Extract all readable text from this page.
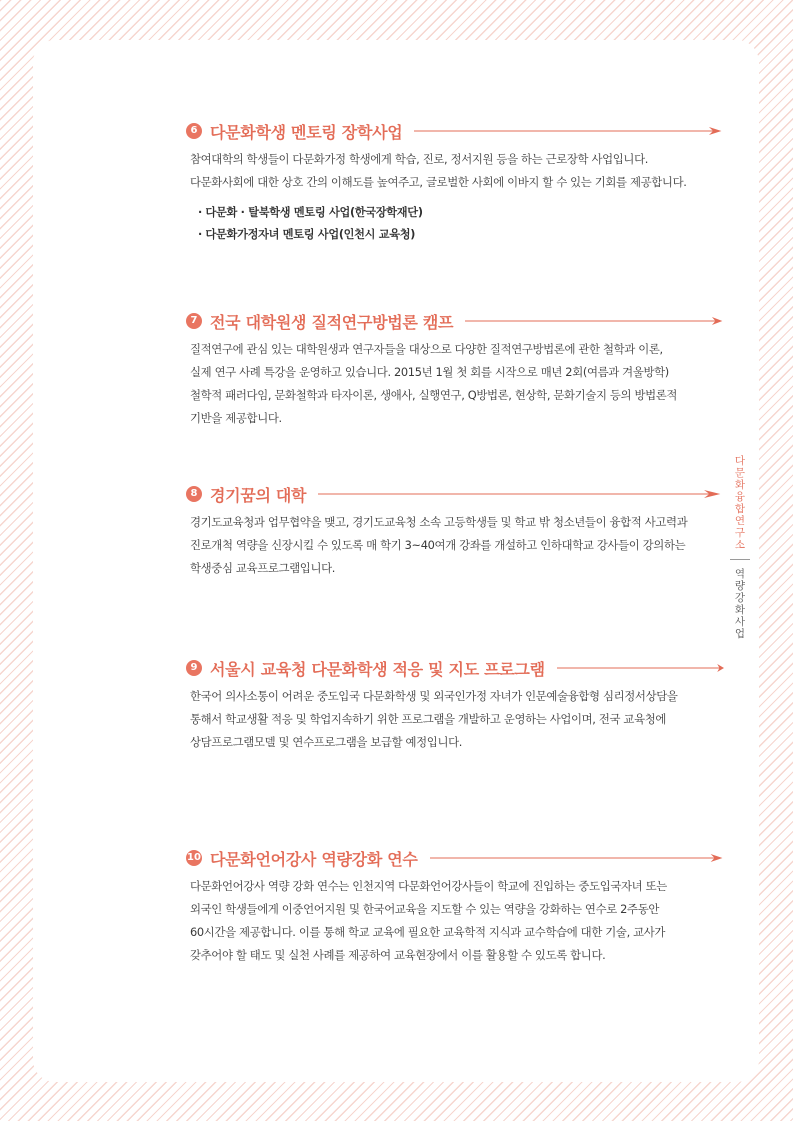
6 다문화학생 멘토링 장학사업

참여대학의 학생들이 다문화가정 학생에게 학습, 진로, 정서지원 등을 하는 근로장학 사업입니다.

다문화사회에 대한 상호 간의 이해도를 높여주고, 글로벌한 사회에 이바지 할 수 있는 기회를 제공합니다.

· 다문화 · 탈북학생 멘토링 사업(한국장학재단)
· 다문화가정자녀 멘토링 사업(인천시 교육청)
7 전국 대학원생 질적연구방법론 캠프

질적연구에 관심 있는 대학원생과 연구자들을 대상으로 다양한 질적연구방법론에 관한 철학과 이론,

실제 연구 사례 특강을 운영하고 있습니다. 2015년 1월 첫 회를 시작으로 매년 2회(여름과 겨울방학)

철학적 패러다임, 문화철학과 타자이론, 생애사, 실행연구, Q방법론, 현상학, 문화기술지 등의 방법론적

기반을 제공합니다.

8 경기꿈의 대학

경기도교육청과 업무협약을 맺고, 경기도교육청 소속 고등학생들 및 학교 밖 청소년들이 융합적 사고력과

진로개척 역량을 신장시킬 수 있도록 매 학기 3~40여개 강좌를 개설하고 인하대학교 강사들이 강의하는

학생중심 교육프로그램입니다.

9 서울시 교육청 다문화학생 적응 및 지도 프로그램

한국어 의사소통이 어려운 중도입국 다문화학생 및 외국인가정 자녀가 인문예술융합형 심리정서상담을

통해서 학교생활 적응 및 학업지속하기 위한 프로그램을 개발하고 운영하는 사업이며, 전국 교육청에

상담프로그램모델 및 연수프로그램을 보급할 예정입니다.

10 다문화언어강사 역량강화 연수

다문화언어강사 역량 강화 연수는 인천지역 다문화언어강사들이 학교에 진입하는 중도입국자녀 또는

외국인 학생들에게 이중언어지원 및 한국어교육을 지도할 수 있는 역량을 강화하는 연수로 2주동안

60시간을 제공합니다. 이를 통해 학교 교육에 필요한 교육학적 지식과 교수학습에 대한 기술, 교사가

갖추어야 할 태도 및 실천 사례를 제공하여 교육현장에서 이를 활용할 수 있도록 합니다.

다
문
화
융
합
연
구
소
역
량
강
화
사
업
